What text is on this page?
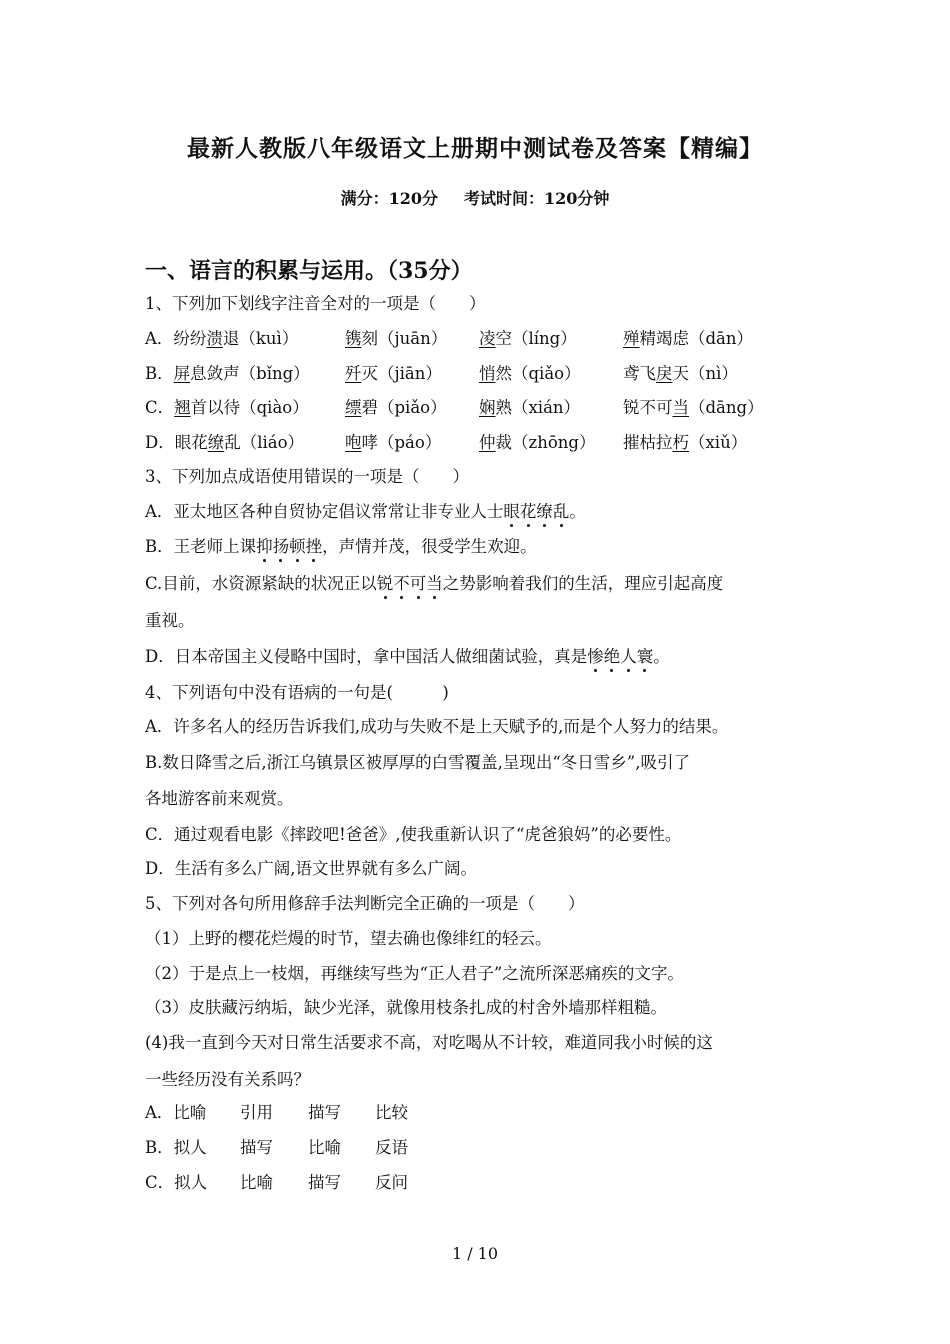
最新人教版八年级语文上册期中测试卷及答案【精编】
满分：120分 考试时间：120分钟
一、语言的积累与运用。（35分）
1、下列加下划线字注音全对的一项是（　　）
A．纷纷溃退（kuì）	镌刻（juān） 凌空（líng）	殚精竭虑（dān）
B．屏息敛声（bǐng） 歼灭（jiān） 悄然（qiǎo）	鸢飞戾天（nì）
C．翘首以待（qiào） 缥碧（piǎo） 娴熟（xián）	锐不可当（dāng）
D．眼花缭乱（liáo） 咆哮（páo） 仲裁（zhōng） 摧枯拉朽（xiǔ）
3、下列加点成语使用错误的一项是（　　）
A．亚太地区各种自贸协定倡议常常让非专业人士眼花缭乱。
B．王老师上课抑扬顿挫，声情并茂，很受学生欢迎。
C.目前，水资源紧缺的状况正以锐不可当之势影响着我们的生活，理应引起高度
重视。
D．日本帝国主义侵略中国时，拿中国活人做细菌试验，真是惨绝人寰。
4、下列语句中没有语病的一句是(　　　)
A．许多名人的经历告诉我们,成功与失败不是上天赋予的,而是个人努力的结果。
B.数日降雪之后,浙江乌镇景区被厚厚的白雪覆盖,呈现出“冬日雪乡”,吸引了
各地游客前来观赏。
C．通过观看电影《摔跤吧!爸爸》,使我重新认识了“虎爸狼妈”的必要性。
D．生活有多么广阔,语文世界就有多么广阔。
5、下列对各句所用修辞手法判断完全正确的一项是（　　）
（1）上野的樱花烂熳的时节，望去确也像绯红的轻云。
（2）于是点上一枝烟，再继续写些为“正人君子”之流所深恶痛疾的文字。
（3）皮肤藏污纳垢，缺少光泽，就像用枝条扎成的村舍外墙那样粗糙。
(4)我一直到今天对日常生活要求不高，对吃喝从不计较，难道同我小时候的这
一些经历没有关系吗？
A．比喻 引用 描写 比较
B．拟人 描写 比喻 反语
C．拟人 比喻 描写 反问
1 / 10
